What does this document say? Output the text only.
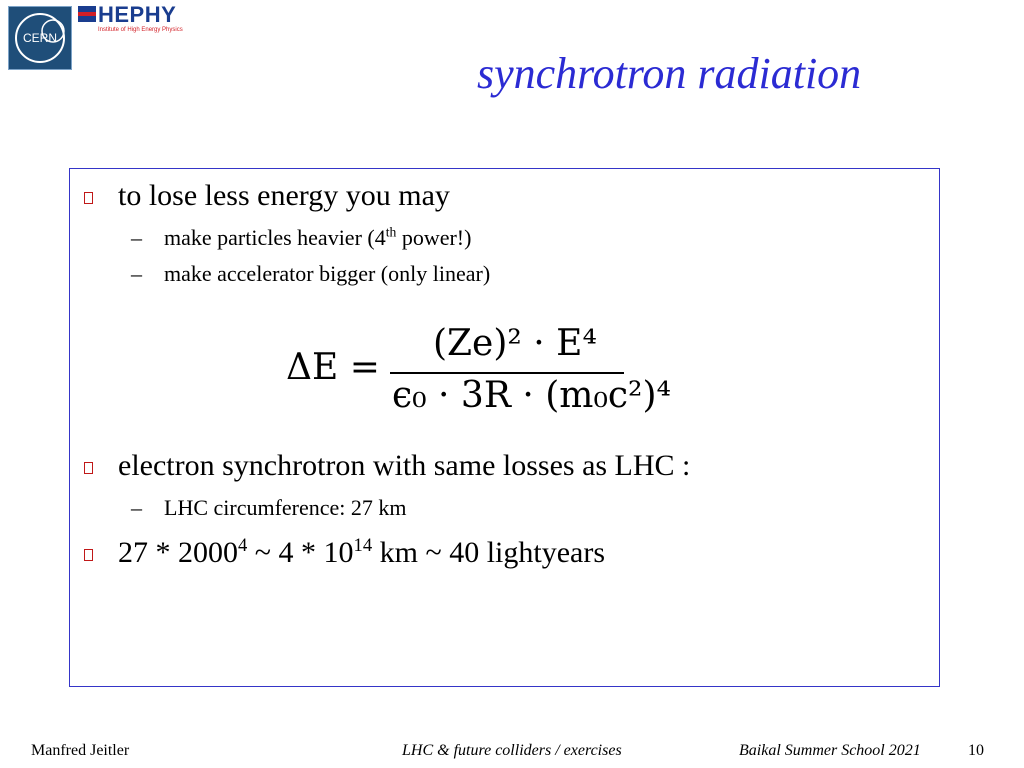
CERN
HEPHY
Institute of High Energy Physics
synchrotron radiation
to lose less energy you may
– make particles heavier (4th power!)
– make accelerator bigger (only linear)
ΔE =
(Ze)² · E⁴
ϵ₀ · 3R · (m₀c²)⁴
electron synchrotron with same losses as LHC :
– LHC circumference: 27 km
27 * 2000$^4$ ~ $4 * 10^{14}$ km ~ 40 lightyears
Manfred Jeitler	LHC & future colliders / exercises	Baikal Summer School 2021	10
